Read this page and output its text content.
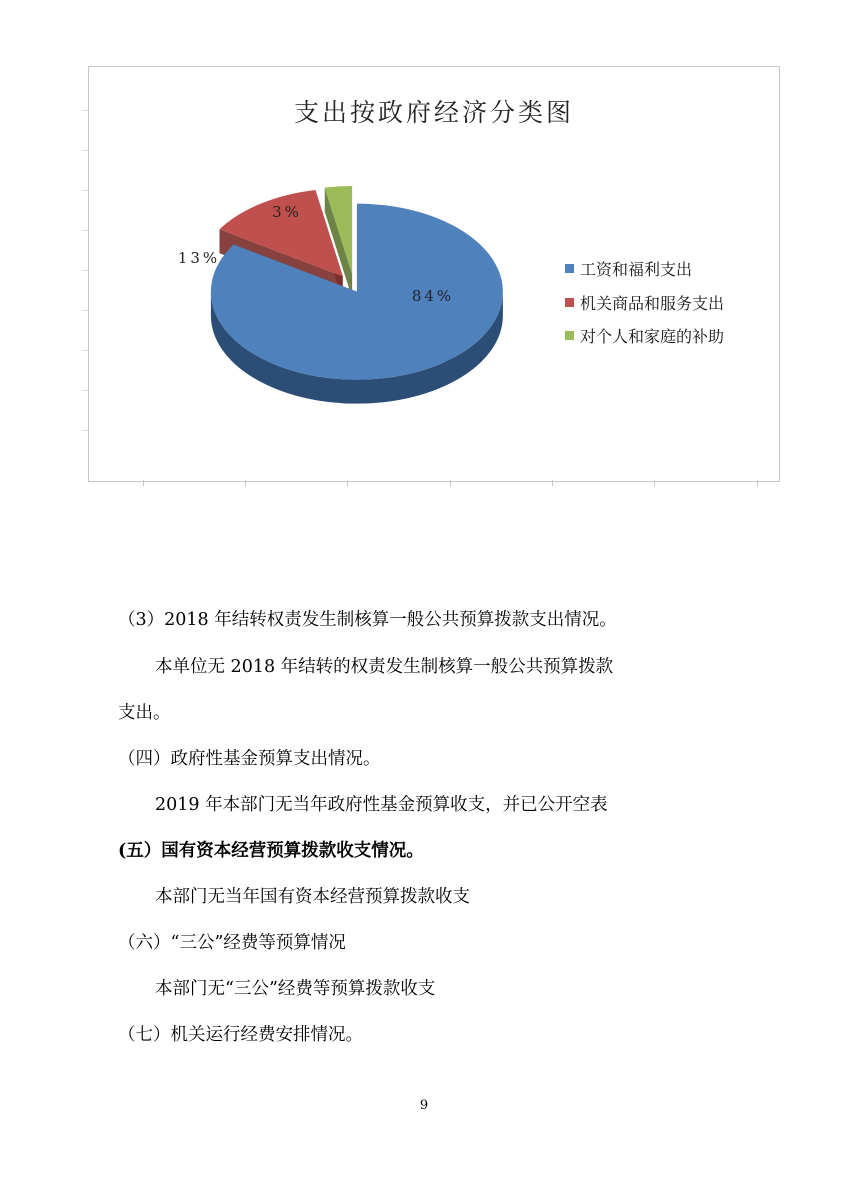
支出按政府经济分类图
84%
13%
3%
工资和福利支出
机关商品和服务支出
对个人和家庭的补助
（3）2018 年结转权责发生制核算一般公共预算拨款支出情况。
本单位无 2018 年结转的权责发生制核算一般公共预算拨款
支出。
（四）政府性基金预算支出情况。
2019 年本部门无当年政府性基金预算收支，并已公开空表
(五）国有资本经营预算拨款收支情况。
本部门无当年国有资本经营预算拨款收支
（六）“三公”经费等预算情况
本部门无“三公”经费等预算拨款收支
（七）机关运行经费安排情况。
9
